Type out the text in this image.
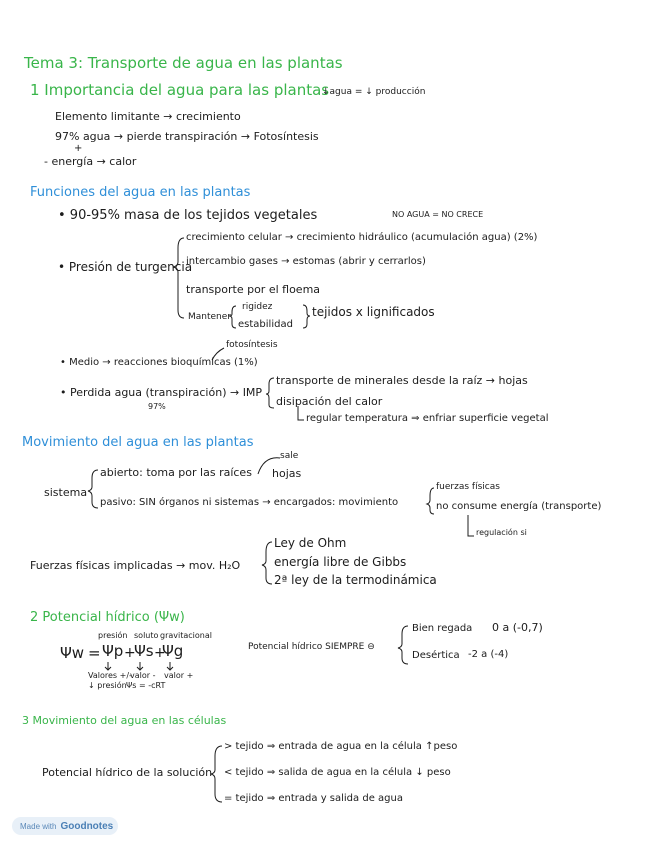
Tema 3: Transporte de agua en las plantas
1 Importancia del agua para las plantas
↓agua = ↓ producción
Elemento limitante → crecimiento
97% agua → pierde transpiración → Fotosíntesis
+
- energía → calor
Funciones del agua en las plantas
• 90-95% masa de los tejidos vegetales	NO AGUA = NO CRECE
• Presión de turgencia
crecimiento celular → crecimiento hidráulico (acumulación agua) (2%)
intercambio gases → estomas (abrir y cerrarlos)
transporte por el floema
Mantener
rigidez
estabilidad
tejidos x lignificados
fotosíntesis
• Medio → reacciones bioquímicas (1%)
• Perdida agua (transpiración) → IMP
97%
transporte de minerales desde la raíz → hojas
disipación del calor
regular temperatura ⇒ enfriar superficie vegetal
Movimiento del agua en las plantas
sale
sistema
abierto: toma por las raíces hojas
pasivo: SIN órganos ni sistemas → encargados: movimiento
fuerzas físicas
no consume energía (transporte)
regulación si
Fuerzas físicas implicadas → mov. H₂O
Ley de Ohm
energía libre de Gibbs
2ª ley de la termodinámica
2 Potencial hídrico (Ψw)
presión soluto gravitacional
Ψw = Ψp +
Ψs +
Ψg
Valores +/-
↓ presión
valor -
Ψs = -cRT
valor +
Potencial hídrico SIEMPRE ⊖
Bien regada 0 a (-0,7)
Desértica -2 a (-4)
3 Movimiento del agua en las células
Potencial hídrico de la solución
> tejido ⇒ entrada de agua en la célula ↑peso
< tejido ⇒ salida de agua en la célula ↓ peso
= tejido ⇒ entrada y salida de agua
Made with Goodnotes
